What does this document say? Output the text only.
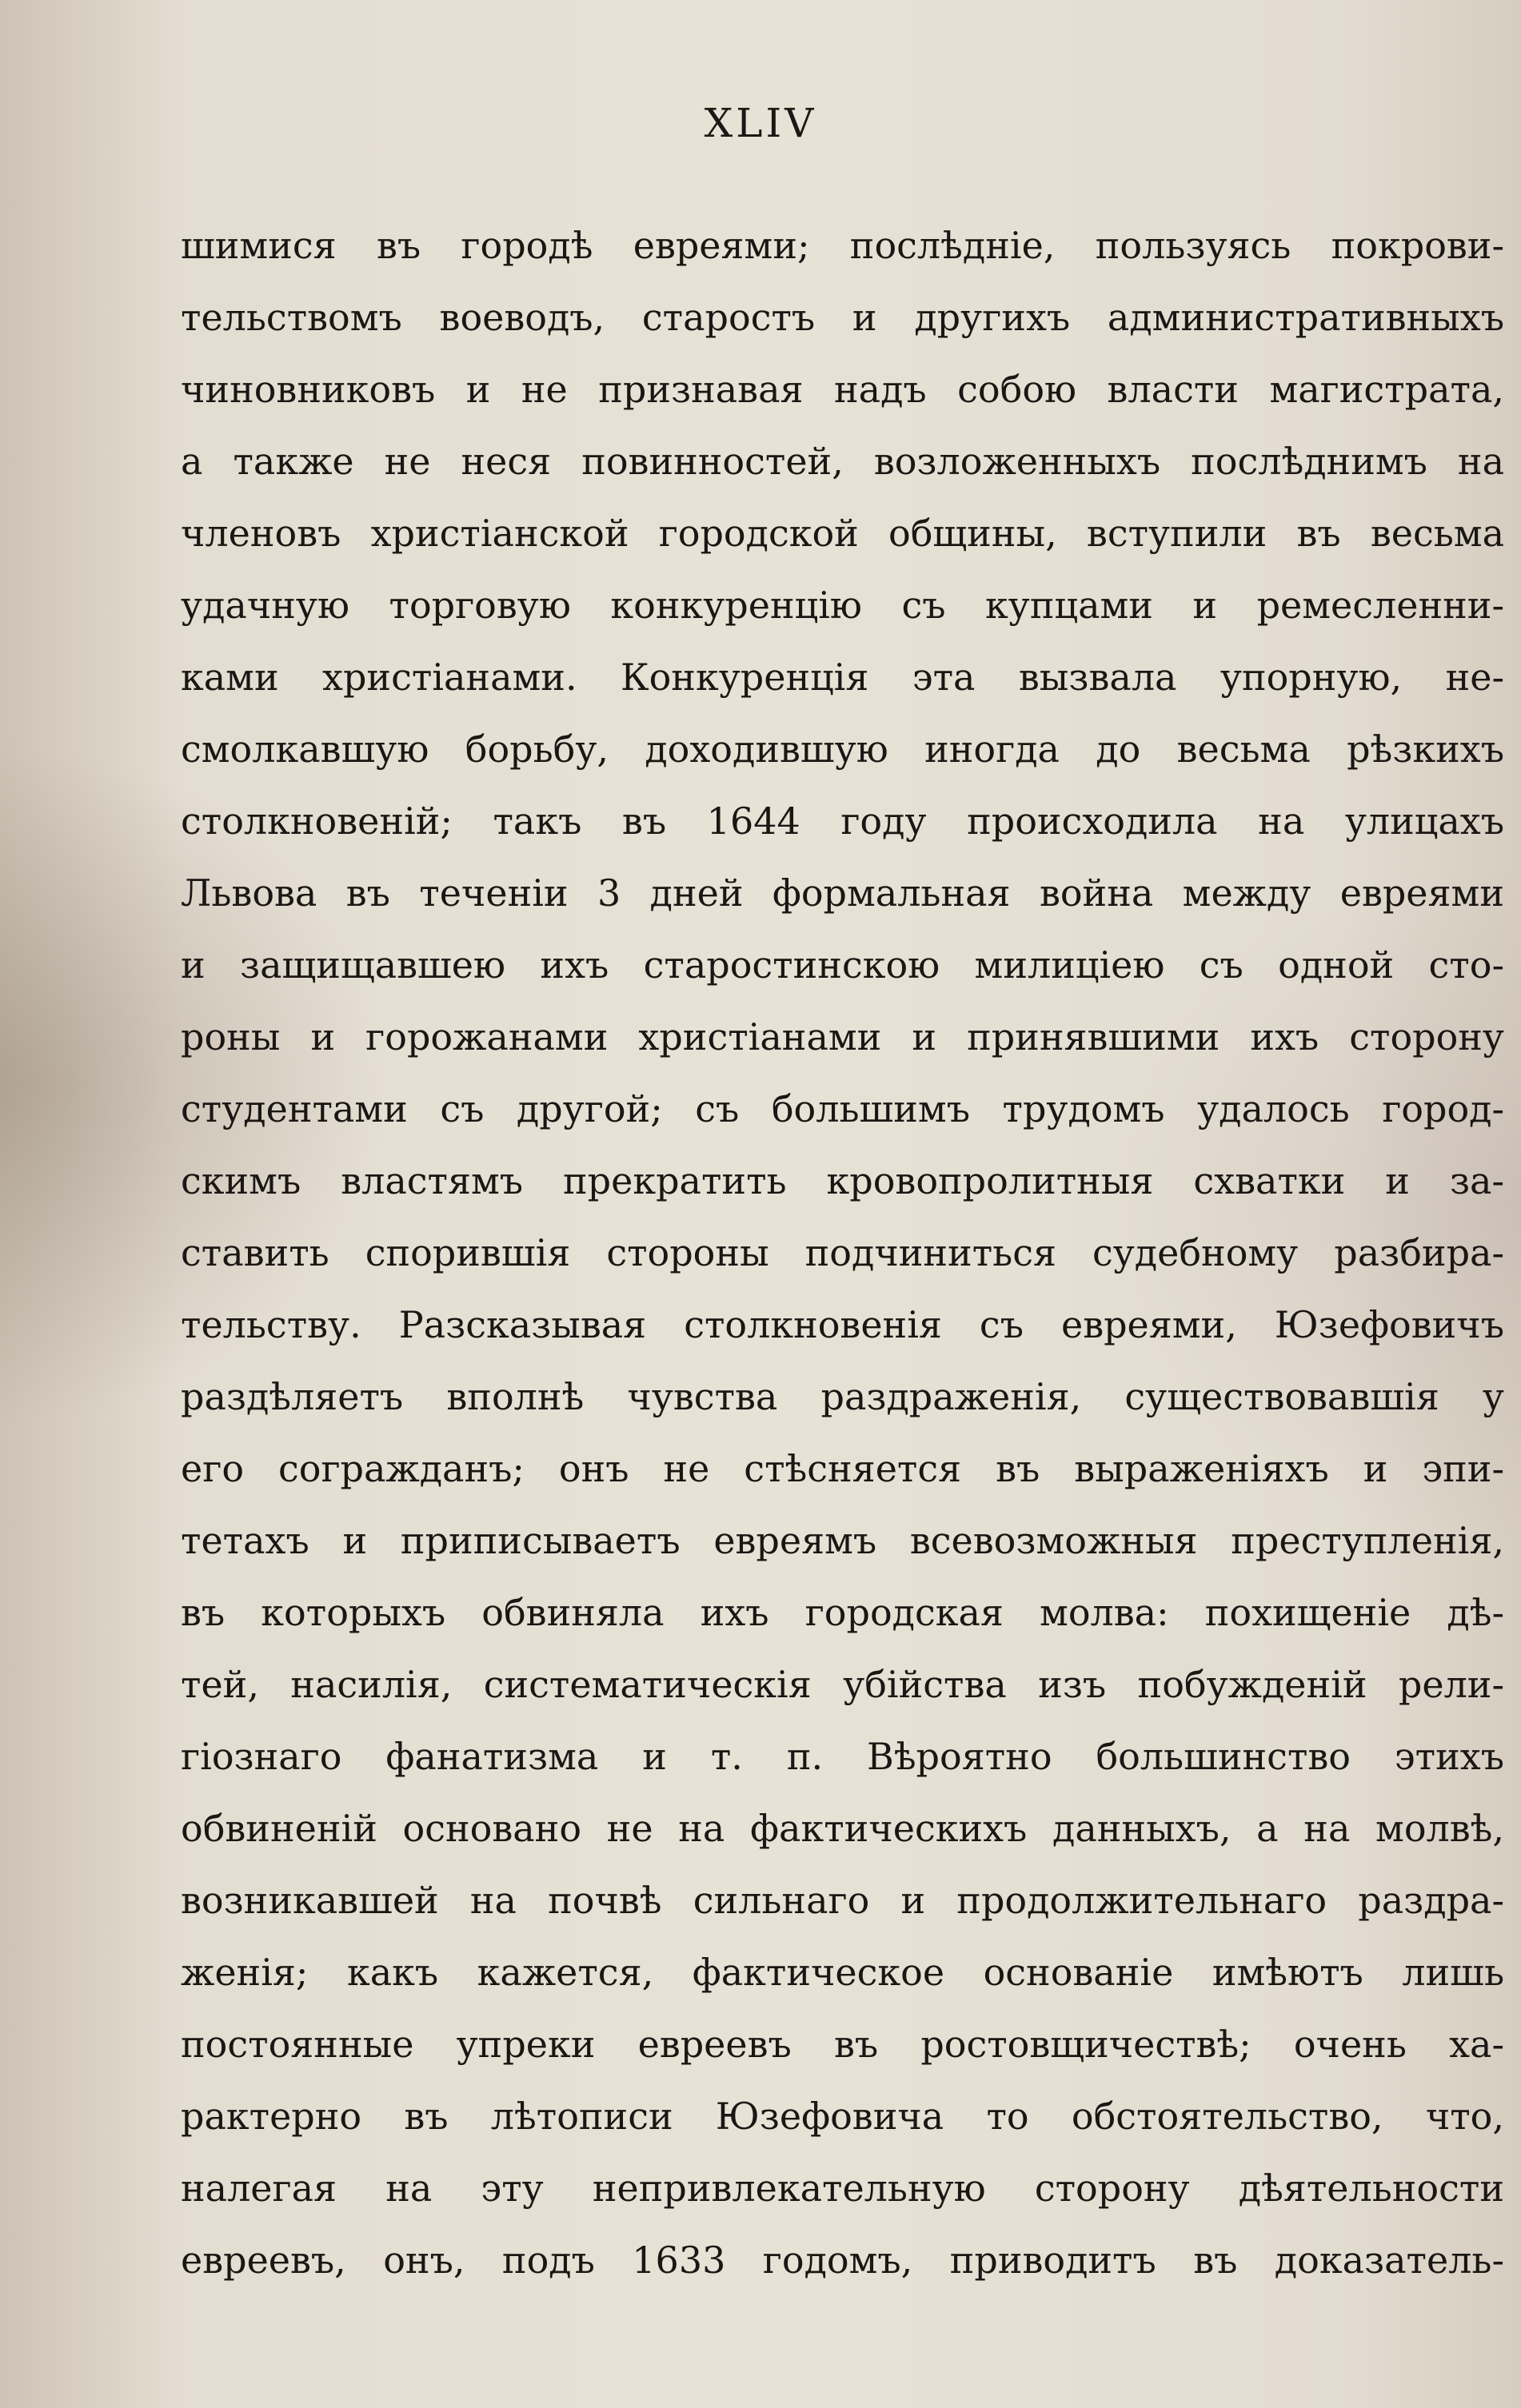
XLIV
шимися въ городѣ евреями; послѣдніе, пользуясь покрови-
тельствомъ воеводъ, старостъ и другихъ административныхъ
чиновниковъ и не признавая надъ собою власти магистрата,
а также не неся повинностей, возложенныхъ послѣднимъ на
членовъ христіанской городской общины, вступили въ весьма
удачную торговую конкуренцію съ купцами и ремесленни-
ками христіанами. Конкуренція эта вызвала упорную, не-
смолкавшую борьбу, доходившую иногда до весьма рѣзкихъ
столкновеній; такъ въ 1644 году происходила на улицахъ
Львова въ теченіи 3 дней формальная война между евреями
и защищавшею ихъ старостинскою милиціею съ одной сто-
роны и горожанами христіанами и принявшими ихъ сторону
студентами съ другой; съ большимъ трудомъ удалось город-
скимъ властямъ прекратить кровопролитныя схватки и за-
ставить спорившія стороны подчиниться судебному разбира-
тельству. Разсказывая столкновенія съ евреями, Юзефовичъ
раздѣляетъ вполнѣ чувства раздраженія, существовавшія у
его согражданъ; онъ не стѣсняется въ выраженіяхъ и эпи-
тетахъ и приписываетъ евреямъ всевозможныя преступленія,
въ которыхъ обвиняла ихъ городская молва: похищеніе дѣ-
тей, насилія, систематическія убійства изъ побужденій рели-
гіознаго фанатизма и т. п. Вѣроятно большинство этихъ
обвиненій основано не на фактическихъ данныхъ, а на молвѣ,
возникавшей на почвѣ сильнаго и продолжительнаго раздра-
женія; какъ кажется, фактическое основаніе имѣютъ лишь
постоянные упреки евреевъ въ ростовщичествѣ; очень ха-
рактерно въ лѣтописи Юзефовича то обстоятельство, что,
налегая на эту непривлекательную сторону дѣятельности
евреевъ, онъ, подъ 1633 годомъ, приводитъ въ доказатель-
